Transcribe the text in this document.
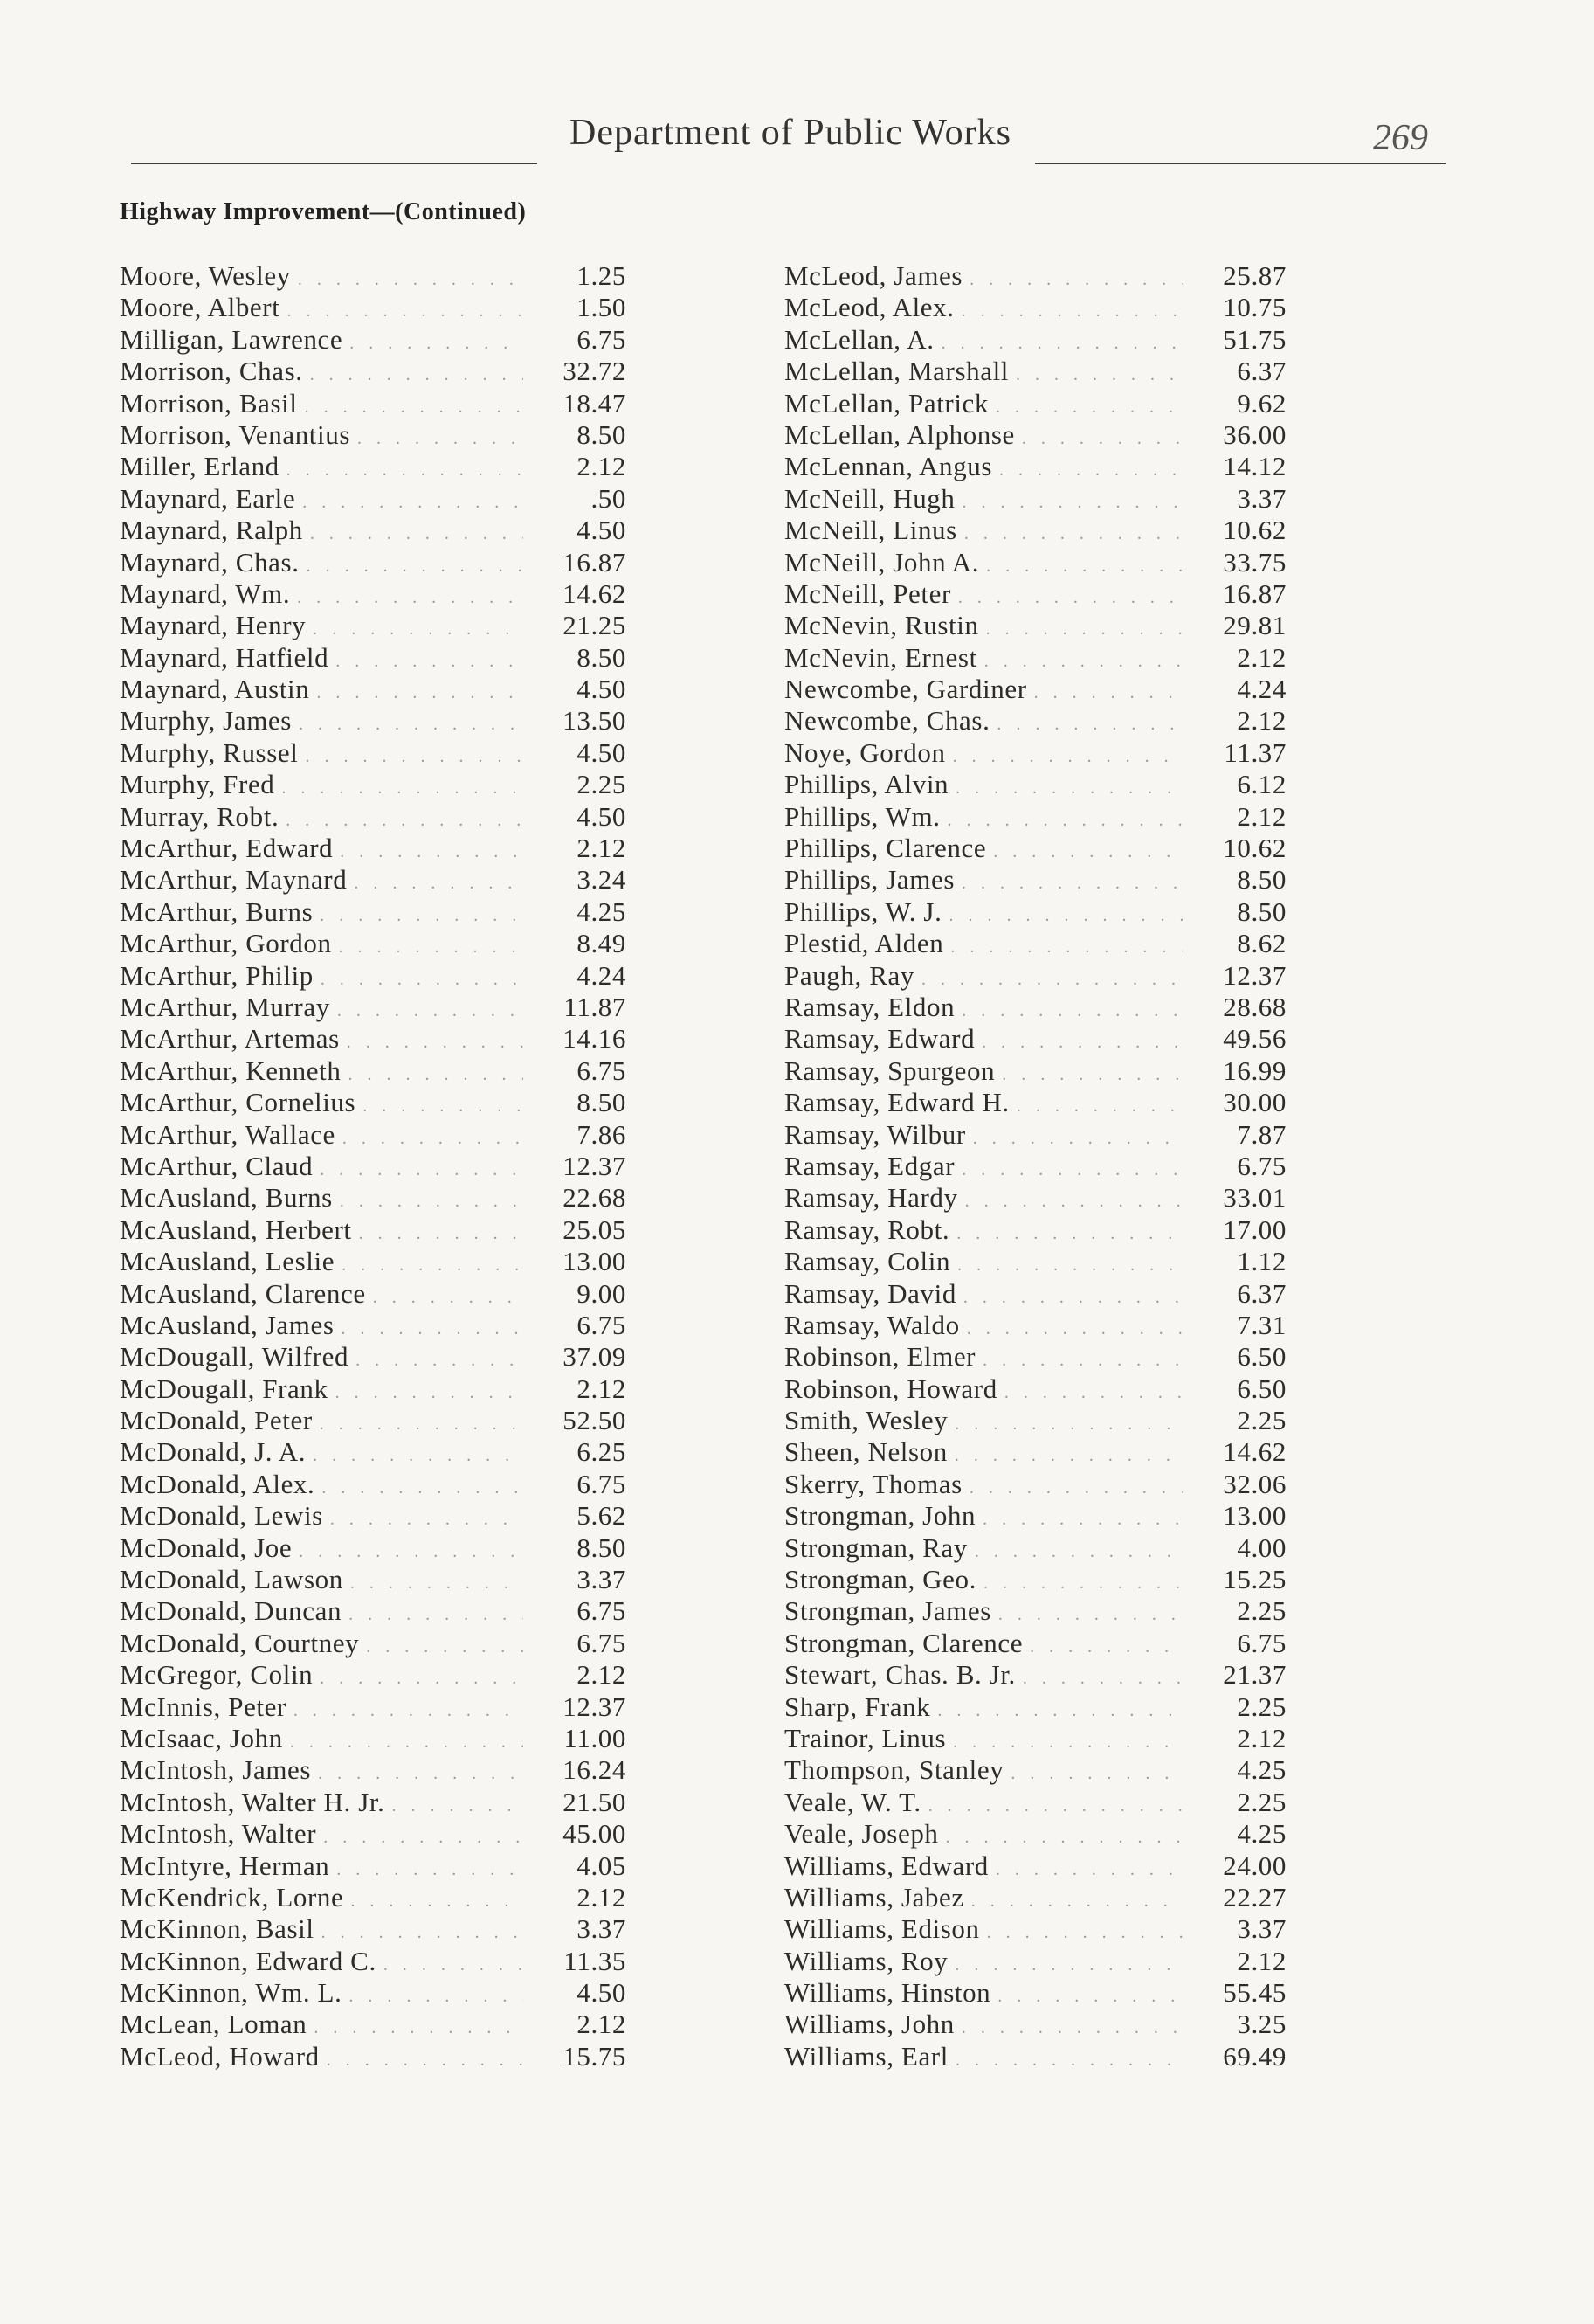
Department of Public Works	269
Highway Improvement—(Continued)
Moore, Wesley . . .	1.25
Moore, Albert . . .	1.50
Milligan, Lawrence . . .	6.75
Morrison, Chas. . . .	32.72
Morrison, Basil . . .	18.47
Morrison, Venantius . . .	8.50
Miller, Erland . . .	2.12
Maynard, Earle . . .	.50
Maynard, Ralph . . .	4.50
Maynard, Chas. . . .	16.87
Maynard, Wm. . . .	14.62
Maynard, Henry . . .	21.25
Maynard, Hatfield . . .	8.50
Maynard, Austin . . .	4.50
Murphy, James . . .	13.50
Murphy, Russel . . .	4.50
Murphy, Fred . . .	2.25
Murray, Robt. . . .	4.50
McArthur, Edward . . .	2.12
McArthur, Maynard . . .	3.24
McArthur, Burns . . .	4.25
McArthur, Gordon . . .	8.49
McArthur, Philip . . .	4.24
McArthur, Murray . . .	11.87
McArthur, Artemas . . .	14.16
McArthur, Kenneth . . .	6.75
McArthur, Cornelius . . .	8.50
McArthur, Wallace . . .	7.86
McArthur, Claud . . .	12.37
McAusland, Burns . . .	22.68
McAusland, Herbert . . .	25.05
McAusland, Leslie . . .	13.00
McAusland, Clarence . . .	9.00
McAusland, James . . .	6.75
McDougall, Wilfred . . .	37.09
McDougall, Frank . . .	2.12
McDonald, Peter . . .	52.50
McDonald, J. A. . . .	6.25
McDonald, Alex. . . .	6.75
McDonald, Lewis . . .	5.62
McDonald, Joe . . .	8.50
McDonald, Lawson . . .	3.37
McDonald, Duncan . . .	6.75
McDonald, Courtney . . .	6.75
McGregor, Colin . . .	2.12
McInnis, Peter . . .	12.37
McIsaac, John . . .	11.00
McIntosh, James . . .	16.24
McIntosh, Walter H. Jr. . . .	21.50
McIntosh, Walter . . .	45.00
McIntyre, Herman . . .	4.05
McKendrick, Lorne . . .	2.12
McKinnon, Basil . . .	3.37
McKinnon, Edward C. . . .	11.35
McKinnon, Wm. L. . . .	4.50
McLean, Loman . . .	2.12
McLeod, Howard . . .	15.75
McLeod, James . . .	25.87
McLeod, Alex. . . .	10.75
McLellan, A. . . .	51.75
McLellan, Marshall . . .	6.37
McLellan, Patrick . . .	9.62
McLellan, Alphonse . . .	36.00
McLennan, Angus . . .	14.12
McNeill, Hugh . . .	3.37
McNeill, Linus . . .	10.62
McNeill, John A. . . .	33.75
McNeill, Peter . . .	16.87
McNevin, Rustin . . .	29.81
McNevin, Ernest . . .	2.12
Newcombe, Gardiner . . .	4.24
Newcombe, Chas. . . .	2.12
Noye, Gordon . . .	11.37
Phillips, Alvin . . .	6.12
Phillips, Wm. . . .	2.12
Phillips, Clarence . . .	10.62
Phillips, James . . .	8.50
Phillips, W. J. . . .	8.50
Plestid, Alden . . .	8.62
Paugh, Ray . . .	12.37
Ramsay, Eldon . . .	28.68
Ramsay, Edward . . .	49.56
Ramsay, Spurgeon . . .	16.99
Ramsay, Edward H. . . .	30.00
Ramsay, Wilbur . . .	7.87
Ramsay, Edgar . . .	6.75
Ramsay, Hardy . . .	33.01
Ramsay, Robt. . . .	17.00
Ramsay, Colin . . .	1.12
Ramsay, David . . .	6.37
Ramsay, Waldo . . .	7.31
Robinson, Elmer . . .	6.50
Robinson, Howard . . .	6.50
Smith, Wesley . . .	2.25
Sheen, Nelson . . .	14.62
Skerry, Thomas . . .	32.06
Strongman, John . . .	13.00
Strongman, Ray . . .	4.00
Strongman, Geo. . . .	15.25
Strongman, James . . .	2.25
Strongman, Clarence . . .	6.75
Stewart, Chas. B. Jr. . . .	21.37
Sharp, Frank . . .	2.25
Trainor, Linus . . .	2.12
Thompson, Stanley . . .	4.25
Veale, W. T. . . .	2.25
Veale, Joseph . . .	4.25
Williams, Edward . . .	24.00
Williams, Jabez . . .	22.27
Williams, Edison . . .	3.37
Williams, Roy . . .	2.12
Williams, Hinston . . .	55.45
Williams, John . . .	3.25
Williams, Earl . . .	69.49
